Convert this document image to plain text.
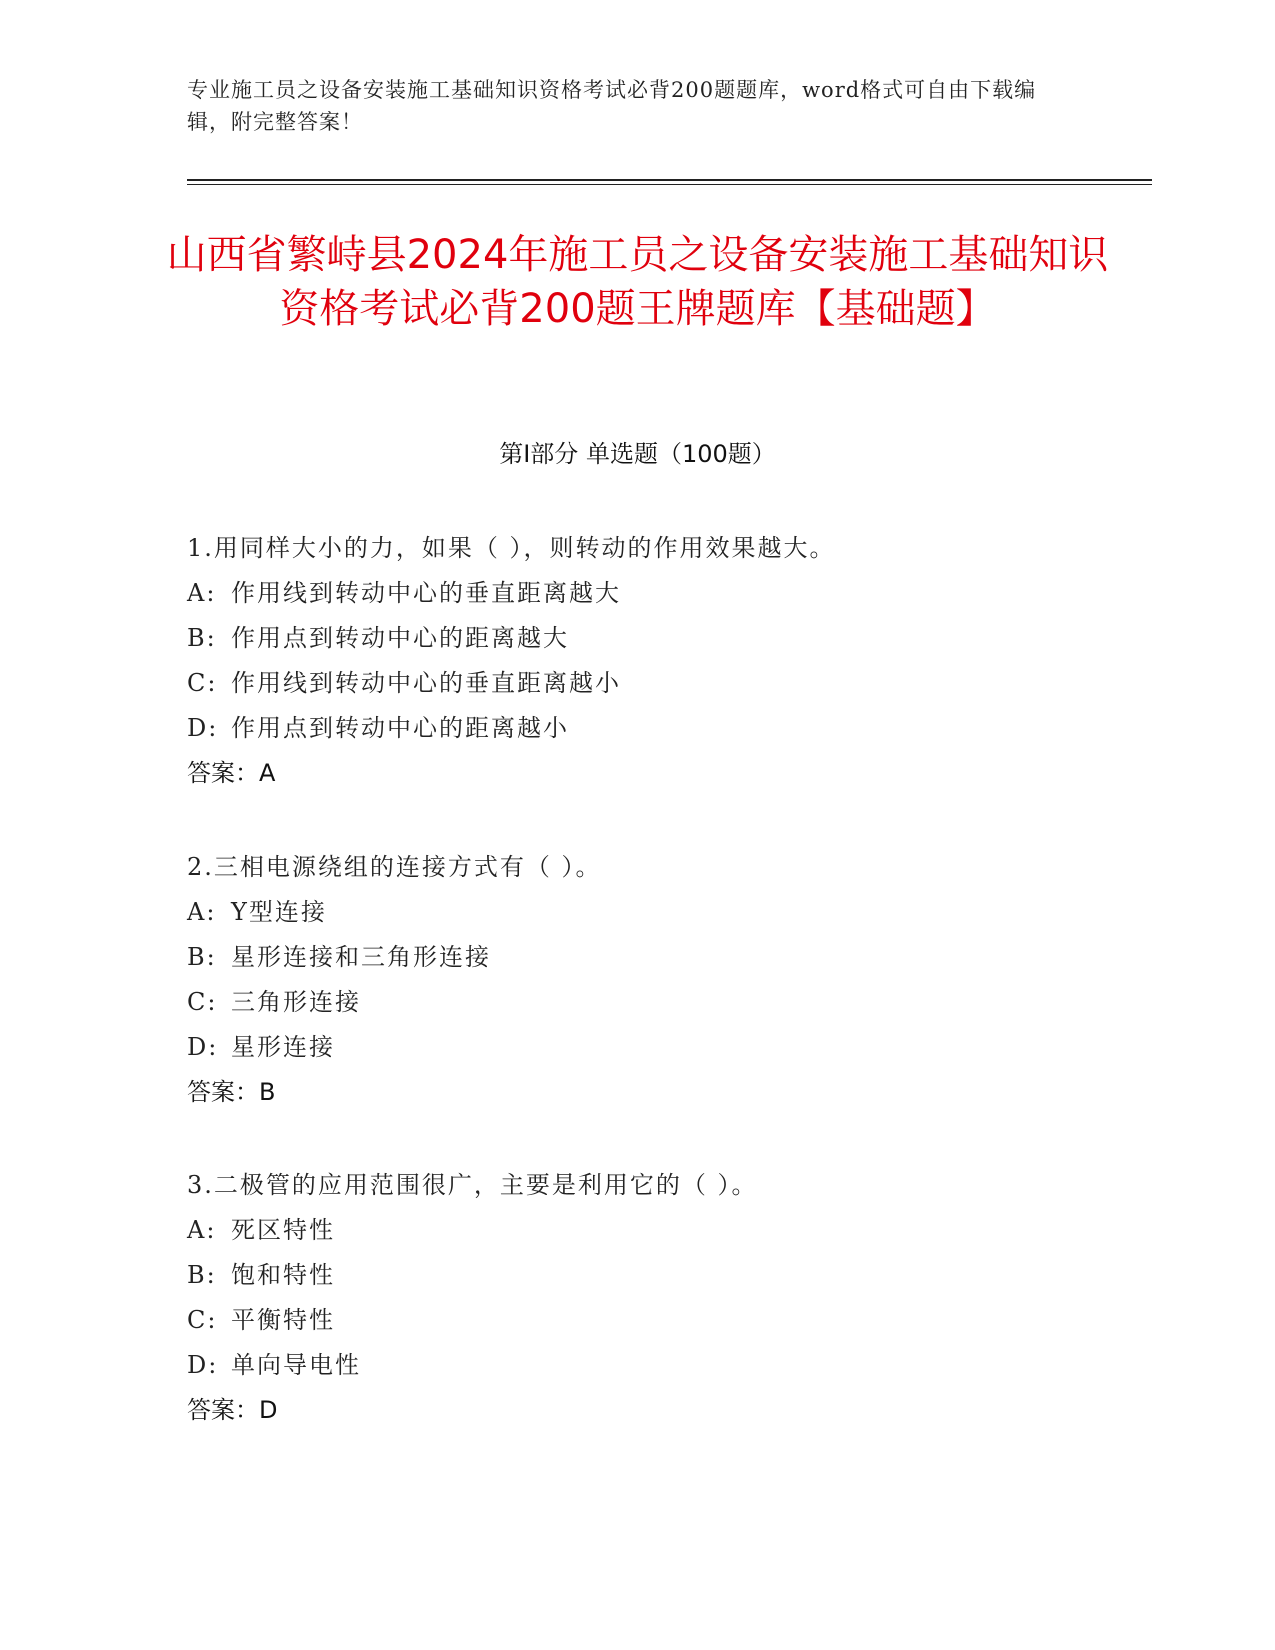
专业施工员之设备安装施工基础知识资格考试必背200题题库，word格式可自由下载编辑，附完整答案！
山西省繁峙县2024年施工员之设备安装施工基础知识资格考试必背200题王牌题库【基础题】
第I部分 单选题（100题）
1.用同样大小的力，如果（ ），则转动的作用效果越大。
A: 作用线到转动中心的垂直距离越大
B: 作用点到转动中心的距离越大
C: 作用线到转动中心的垂直距离越小
D: 作用点到转动中心的距离越小
答案：A
2.三相电源绕组的连接方式有（ ）。
A: Y型连接
B: 星形连接和三角形连接
C: 三角形连接
D: 星形连接
答案：B
3.二极管的应用范围很广，主要是利用它的（ ）。
A: 死区特性
B: 饱和特性
C: 平衡特性
D: 单向导电性
答案：D
